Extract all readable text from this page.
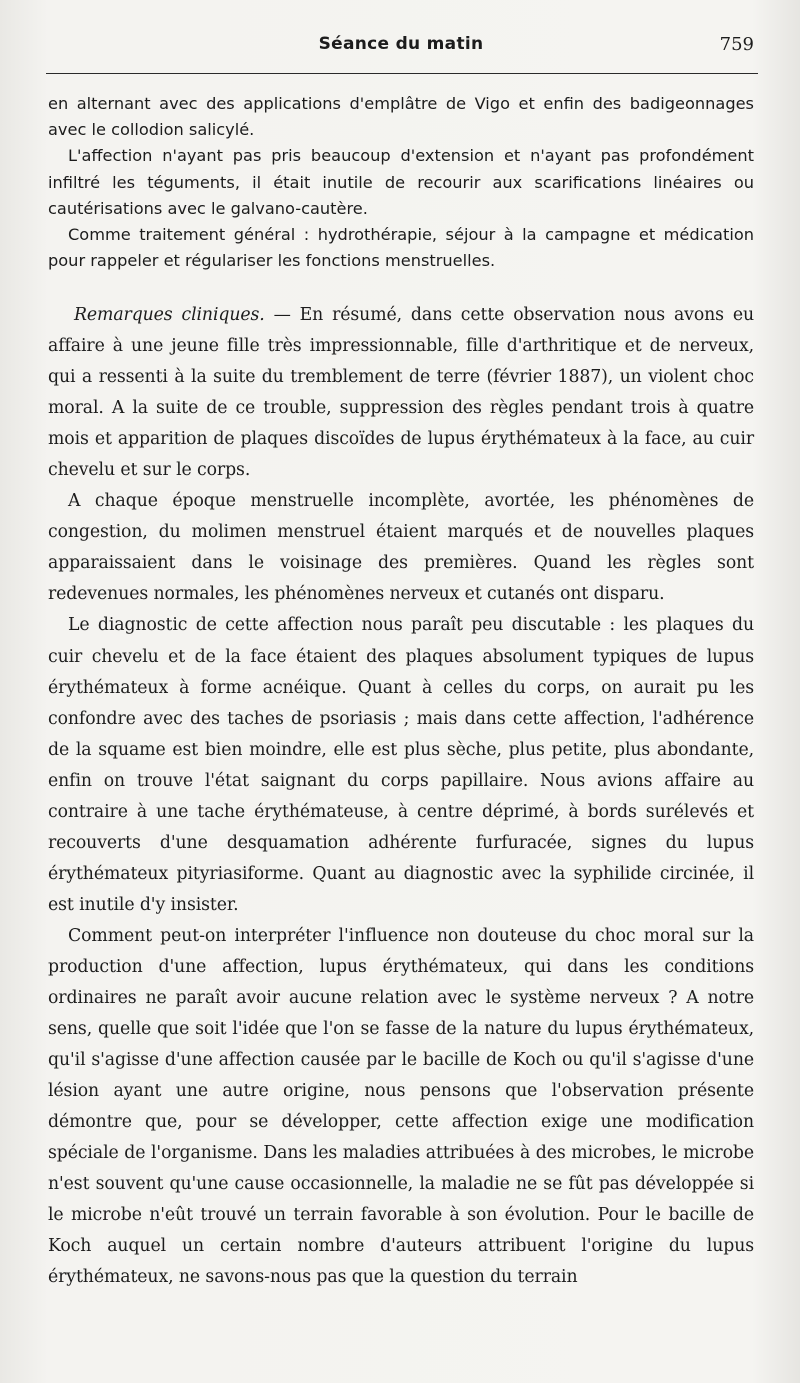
Séance du matin	759

en alternant avec des applications d'emplâtre de Vigo et enfin des badigeonnages avec le collodion salicylé.

L'affection n'ayant pas pris beaucoup d'extension et n'ayant pas profondément infiltré les téguments, il était inutile de recourir aux scarifications linéaires ou cautérisations avec le galvano-cautère.

Comme traitement général : hydrothérapie, séjour à la campagne et médication pour rappeler et régulariser les fonctions menstruelles.

Remarques cliniques. — En résumé, dans cette observation nous avons eu affaire à une jeune fille très impressionnable, fille d'arthritique et de nerveux, qui a ressenti à la suite du tremblement de terre (février 1887), un violent choc moral. A la suite de ce trouble, suppression des règles pendant trois à quatre mois et apparition de plaques discoïdes de lupus érythémateux à la face, au cuir chevelu et sur le corps.

A chaque époque menstruelle incomplète, avortée, les phénomènes de congestion, du molimen menstruel étaient marqués et de nouvelles plaques apparaissaient dans le voisinage des premières. Quand les règles sont redevenues normales, les phénomènes nerveux et cutanés ont disparu.

Le diagnostic de cette affection nous paraît peu discutable : les plaques du cuir chevelu et de la face étaient des plaques absolument typiques de lupus érythémateux à forme acnéique. Quant à celles du corps, on aurait pu les confondre avec des taches de psoriasis ; mais dans cette affection, l'adhérence de la squame est bien moindre, elle est plus sèche, plus petite, plus abondante, enfin on trouve l'état saignant du corps papillaire. Nous avions affaire au contraire à une tache érythémateuse, à centre déprimé, à bords surélevés et recouverts d'une desquamation adhérente furfuracée, signes du lupus érythémateux pityriasiforme. Quant au diagnostic avec la syphilide circinée, il est inutile d'y insister.

Comment peut-on interpréter l'influence non douteuse du choc moral sur la production d'une affection, lupus érythémateux, qui dans les conditions ordinaires ne paraît avoir aucune relation avec le système nerveux ? A notre sens, quelle que soit l'idée que l'on se fasse de la nature du lupus érythémateux, qu'il s'agisse d'une affection causée par le bacille de Koch ou qu'il s'agisse d'une lésion ayant une autre origine, nous pensons que l'observation présente démontre que, pour se développer, cette affection exige une modification spéciale de l'organisme. Dans les maladies attribuées à des microbes, le microbe n'est souvent qu'une cause occasionnelle, la maladie ne se fût pas développée si le microbe n'eût trouvé un terrain favorable à son évolution. Pour le bacille de Koch auquel un certain nombre d'auteurs attribuent l'origine du lupus érythémateux, ne savons-nous pas que la question du terrain
